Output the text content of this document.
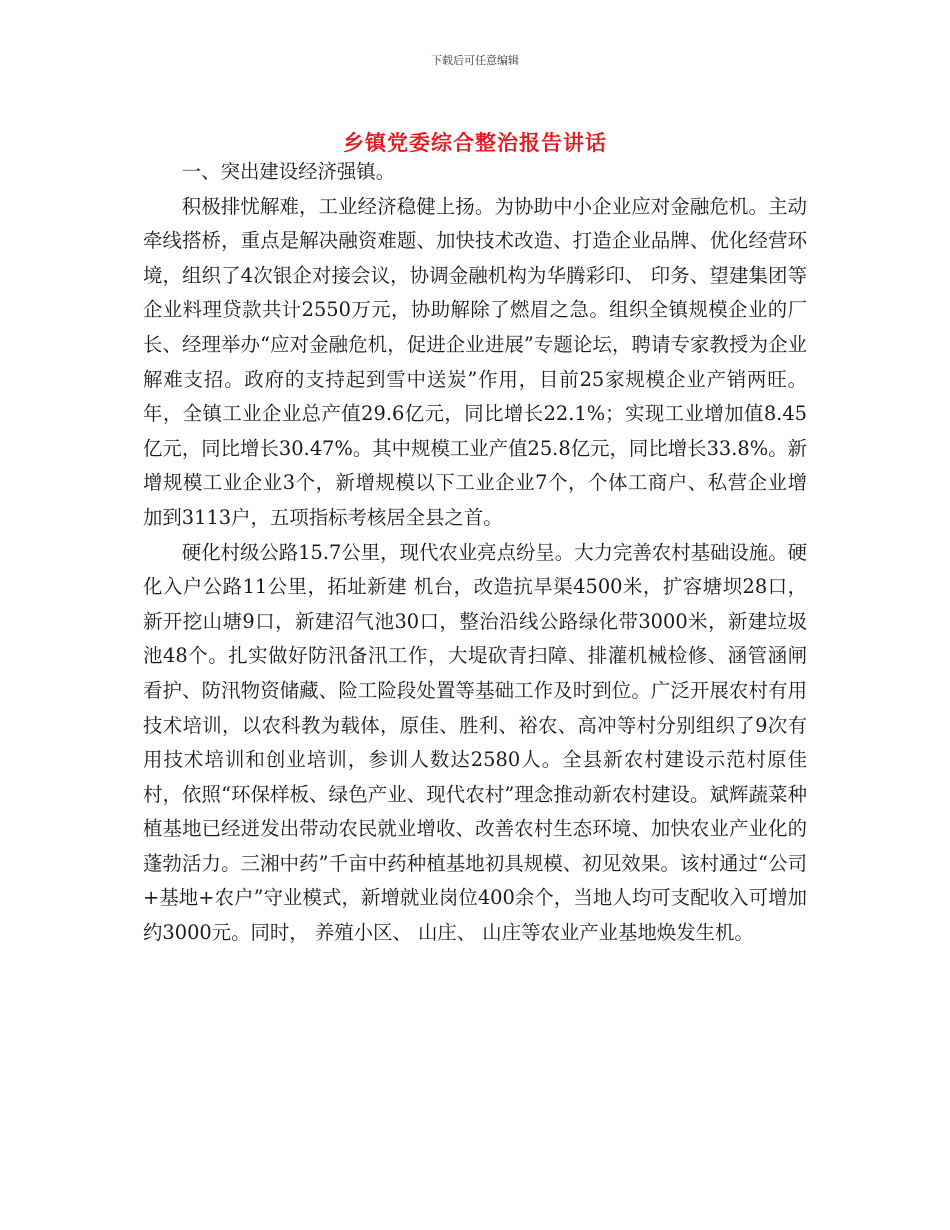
下载后可任意编辑
乡镇党委综合整治报告讲话

一、突出建设经济强镇。

积极排忧解难，工业经济稳健上扬。为协助中小企业应对金融危机。主动牵线搭桥，重点是解决融资难题、加快技术改造、打造企业品牌、优化经营环境，组织了4次银企对接会议，协调金融机构为华腾彩印、 印务、望建集团等企业料理贷款共计2550万元，协助解除了燃眉之急。组织全镇规模企业的厂长、经理举办“应对金融危机，促进企业进展”专题论坛，聘请专家教授为企业解难支招。政府的支持起到雪中送炭”作用，目前25家规模企业产销两旺。年，全镇工业企业总产值29.6亿元，同比增长22.1%；实现工业增加值8.45亿元，同比增长30.47%。其中规模工业产值25.8亿元，同比增长33.8%。新增规模工业企业3个，新增规模以下工业企业7个，个体工商户、私营企业增加到3113户，五项指标考核居全县之首。

硬化村级公路15.7公里，现代农业亮点纷呈。大力完善农村基础设施。硬化入户公路11公里，拓址新建 机台，改造抗旱渠4500米，扩容塘坝28口，新开挖山塘9口，新建沼气池30口，整治沿线公路绿化带3000米，新建垃圾池48个。扎实做好防汛备汛工作，大堤砍青扫障、排灌机械检修、涵管涵闸看护、防汛物资储藏、险工险段处置等基础工作及时到位。广泛开展农村有用技术培训，以农科教为载体，原佳、胜利、裕农、高冲等村分别组织了9次有用技术培训和创业培训，参训人数达2580人。全县新农村建设示范村原佳村，依照“环保样板、绿色产业、现代农村”理念推动新农村建设。斌辉蔬菜种植基地已经迸发出带动农民就业增收、改善农村生态环境、加快农业产业化的蓬勃活力。三湘中药”千亩中药种植基地初具规模、初见效果。该村通过“公司+基地+农户”守业模式，新增就业岗位400余个，当地人均可支配收入可增加约3000元。同时， 养殖小区、 山庄、 山庄等农业产业基地焕发生机。
